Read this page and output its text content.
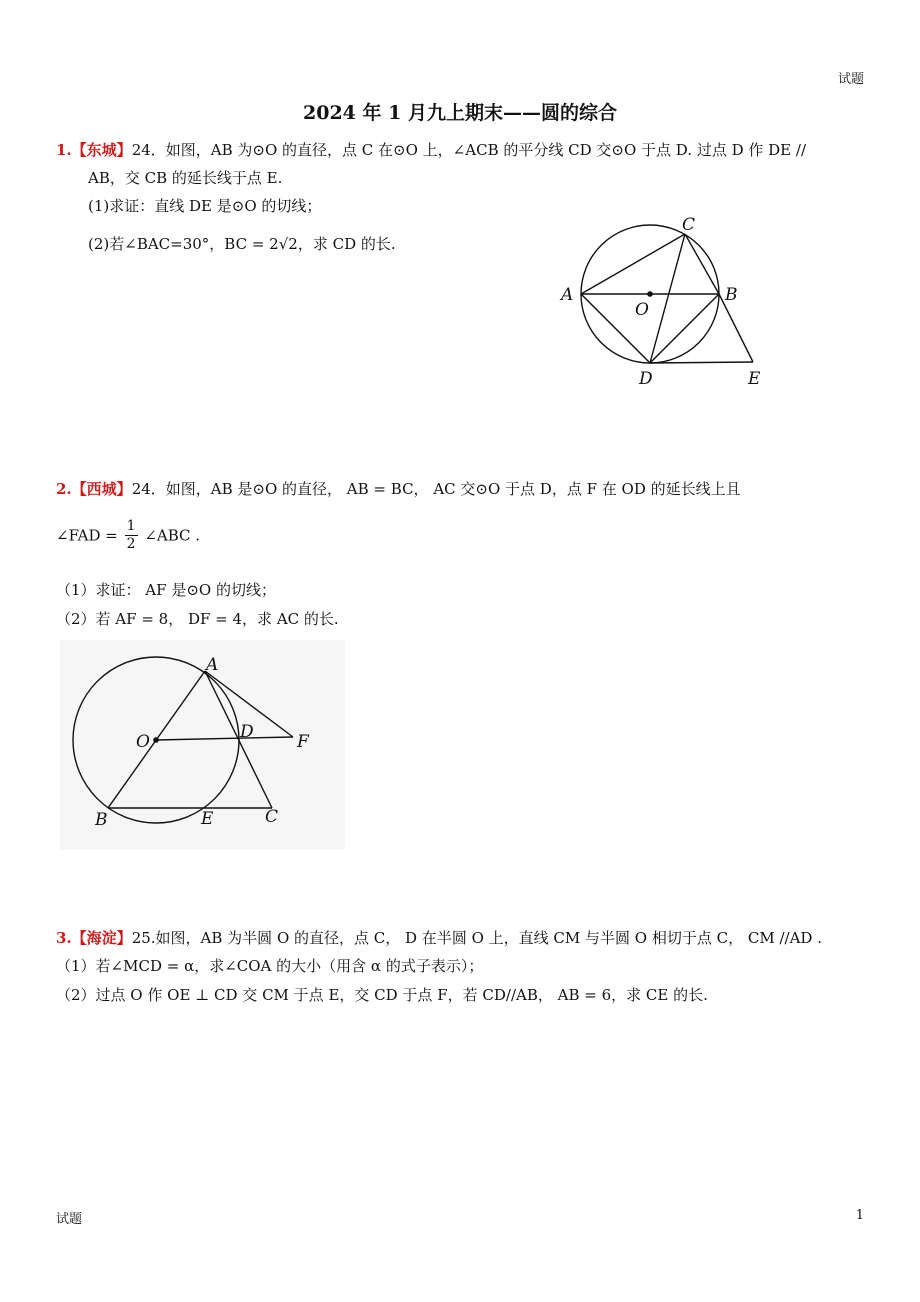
试题
2024 年 1 月九上期末——圆的综合
1.【东城】24．如图，AB 为⊙O 的直径，点 C 在⊙O 上，∠ACB 的平分线 CD 交⊙O 于点 D. 过点 D 作 DE //
AB，交 CB 的延长线于点 E.
(1)求证：直线 DE 是⊙O 的切线；
(2)若∠BAC=30°，BC = 2√2，求 CD 的长.
C
A
O
B
D	E
2.【西城】24．如图，AB 是⊙O 的直径， AB = BC， AC 交⊙O 于点 D，点 F 在 OD 的延长线上且
∠FAD = $\frac{1}{2}$ ∠ABC .
（1）求证： AF 是⊙O 的切线；
（2）若 AF = 8， DF = 4，求 AC 的长.
A
O	D	F
B	E	C
3.【海淀】25.如图，AB 为半圆 O 的直径，点 C， D 在半圆 O 上，直线 CM 与半圆 O 相切于点 C， CM //AD .
（1）若∠MCD = α，求∠COA 的大小（用含 α 的式子表示）；
（2）过点 O 作 OE ⊥ CD 交 CM 于点 E，交 CD 于点 F，若 CD//AB， AB = 6，求 CE 的长.
试题	1
